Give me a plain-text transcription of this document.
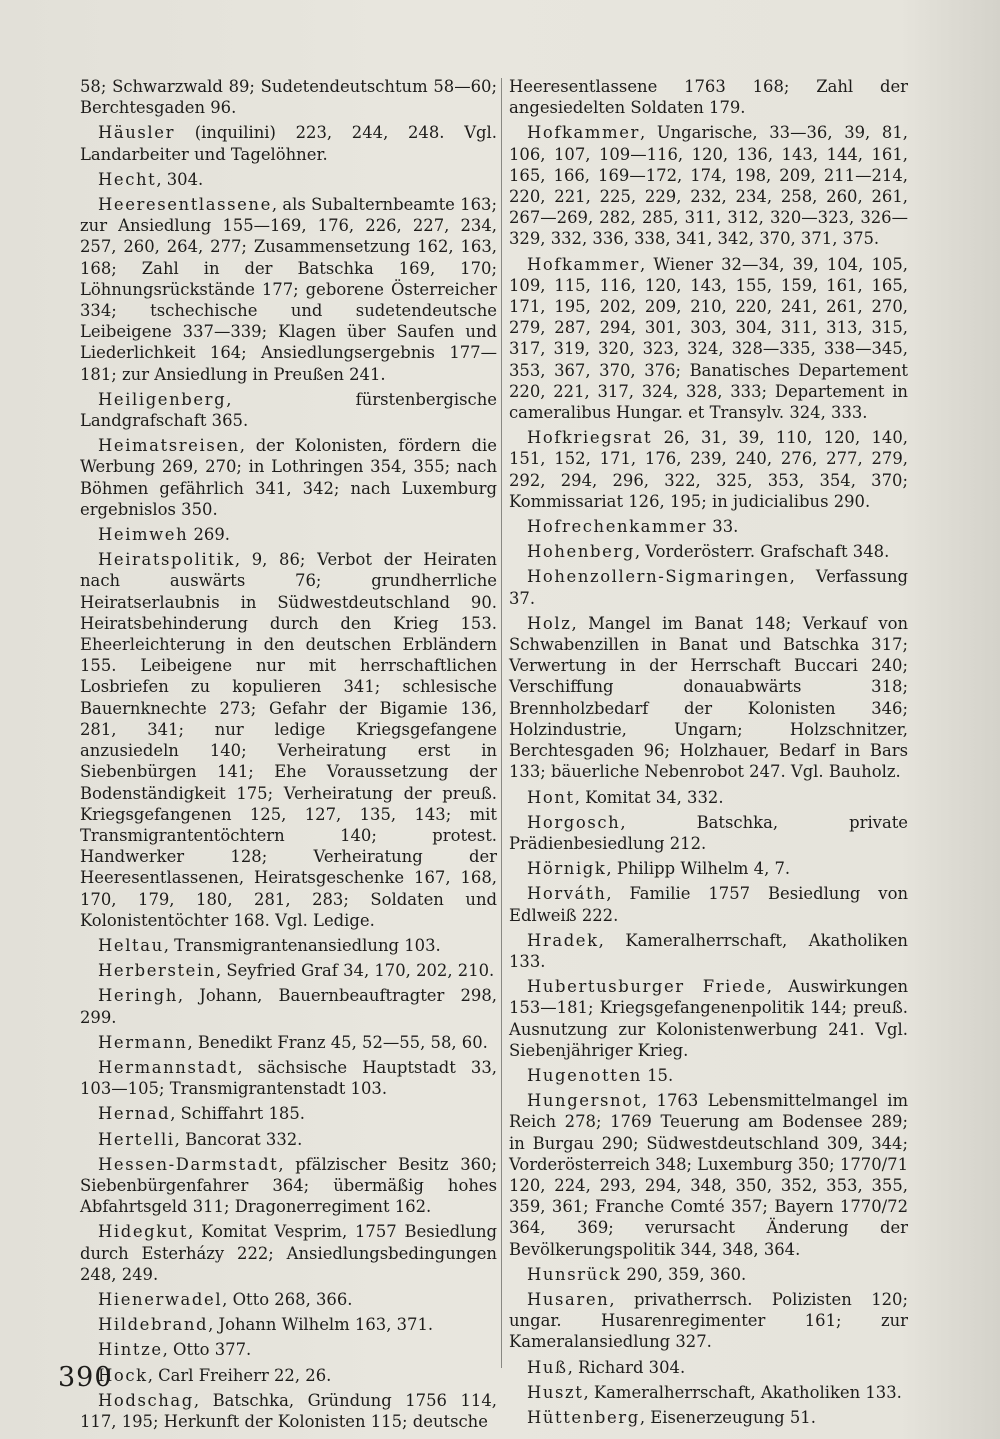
58; Schwarzwald 89; Sudetendeutschtum 58—60; Berchtesgaden 96.

Häusler (inquilini) 223, 244, 248. Vgl. Landarbeiter und Tagelöhner.

Hecht, 304.

Heeresentlassene, als Subalternbeamte 163; zur Ansiedlung 155—169, 176, 226, 227, 234, 257, 260, 264, 277; Zusammensetzung 162, 163, 168; Zahl in der Batschka 169, 170; Löhnungsrückstände 177; geborene Österreicher 334; tschechische und sudetendeutsche Leibeigene 337—339; Klagen über Saufen und Liederlichkeit 164; Ansiedlungsergebnis 177—181; zur Ansiedlung in Preußen 241.

Heiligenberg, fürstenbergische Landgrafschaft 365.

Heimatsreisen, der Kolonisten, fördern die Werbung 269, 270; in Lothringen 354, 355; nach Böhmen gefährlich 341, 342; nach Luxemburg ergebnislos 350.

Heimweh 269.

Heiratspolitik, 9, 86; Verbot der Heiraten nach auswärts 76; grundherrliche Heiratserlaubnis in Südwestdeutschland 90. Heiratsbehinderung durch den Krieg 153. Eheerleichterung in den deutschen Erbländern 155. Leibeigene nur mit herrschaftlichen Losbriefen zu kopulieren 341; schlesische Bauernknechte 273; Gefahr der Bigamie 136, 281, 341; nur ledige Kriegsgefangene anzusiedeln 140; Verheiratung erst in Siebenbürgen 141; Ehe Voraussetzung der Bodenständigkeit 175; Verheiratung der preuß. Kriegsgefangenen 125, 127, 135, 143; mit Transmigrantentöchtern 140; protest. Handwerker 128; Verheiratung der Heeresentlassenen, Heiratsgeschenke 167, 168, 170, 179, 180, 281, 283; Soldaten und Kolonistentöchter 168. Vgl. Ledige.

Heltau, Transmigrantenansiedlung 103.

Herberstein, Seyfried Graf 34, 170, 202, 210.

Heringh, Johann, Bauernbeauftragter 298, 299.

Hermann, Benedikt Franz 45, 52—55, 58, 60.

Hermannstadt, sächsische Hauptstadt 33, 103—105; Transmigrantenstadt 103.

Hernad, Schiffahrt 185.

Hertelli, Bancorat 332.

Hessen-Darmstadt, pfälzischer Besitz 360; Siebenbürgenfahrer 364; übermäßig hohes Abfahrtsgeld 311; Dragonerregiment 162.

Hidegkut, Komitat Vesprim, 1757 Besiedlung durch Esterházy 222; Ansiedlungsbedingungen 248, 249.

Hienerwadel, Otto 268, 366.

Hildebrand, Johann Wilhelm 163, 371.

Hintze, Otto 377.

Hock, Carl Freiherr 22, 26.

Hodschag, Batschka, Gründung 1756 114, 117, 195; Herkunft der Kolonisten 115; deutsche

Heeresentlassene 1763 168; Zahl der angesiedelten Soldaten 179.

Hofkammer, Ungarische, 33—36, 39, 81, 106, 107, 109—116, 120, 136, 143, 144, 161, 165, 166, 169—172, 174, 198, 209, 211—214, 220, 221, 225, 229, 232, 234, 258, 260, 261, 267—269, 282, 285, 311, 312, 320—323, 326—329, 332, 336, 338, 341, 342, 370, 371, 375.

Hofkammer, Wiener 32—34, 39, 104, 105, 109, 115, 116, 120, 143, 155, 159, 161, 165, 171, 195, 202, 209, 210, 220, 241, 261, 270, 279, 287, 294, 301, 303, 304, 311, 313, 315, 317, 319, 320, 323, 324, 328—335, 338—345, 353, 367, 370, 376; Banatisches Departement 220, 221, 317, 324, 328, 333; Departement in cameralibus Hungar. et Transylv. 324, 333.

Hofkriegsrat 26, 31, 39, 110, 120, 140, 151, 152, 171, 176, 239, 240, 276, 277, 279, 292, 294, 296, 322, 325, 353, 354, 370; Kommissariat 126, 195; in judicialibus 290.

Hofrechenkammer 33.

Hohenberg, Vorderösterr. Grafschaft 348.

Hohenzollern-Sigmaringen, Verfassung 37.

Holz, Mangel im Banat 148; Verkauf von Schwabenzillen in Banat und Batschka 317; Verwertung in der Herrschaft Buccari 240; Verschiffung donauabwärts 318; Brennholzbedarf der Kolonisten 346; Holzindustrie, Ungarn; Holzschnitzer, Berchtesgaden 96; Holzhauer, Bedarf in Bars 133; bäuerliche Nebenrobot 247. Vgl. Bauholz.

Hont, Komitat 34, 332.

Horgosch, Batschka, private Prädienbesiedlung 212.

Hörnigk, Philipp Wilhelm 4, 7.

Horváth, Familie 1757 Besiedlung von Edlweiß 222.

Hradek, Kameralherrschaft, Akatholiken 133.

Hubertusburger Friede, Auswirkungen 153—181; Kriegsgefangenenpolitik 144; preuß. Ausnutzung zur Kolonistenwerbung 241. Vgl. Siebenjähriger Krieg.

Hugenotten 15.

Hungersnot, 1763 Lebensmittelmangel im Reich 278; 1769 Teuerung am Bodensee 289; in Burgau 290; Südwestdeutschland 309, 344; Vorderösterreich 348; Luxemburg 350; 1770/71 120, 224, 293, 294, 348, 350, 352, 353, 355, 359, 361; Franche Comté 357; Bayern 1770/72 364, 369; verursacht Änderung der Bevölkerungspolitik 344, 348, 364.

Hunsrück 290, 359, 360.

Husaren, privatherrsch. Polizisten 120; ungar. Husarenregimenter 161; zur Kameralansiedlung 327.

Huß, Richard 304.

Huszt, Kameralherrschaft, Akatholiken 133.

Hüttenberg, Eisenerzeugung 51.

390
